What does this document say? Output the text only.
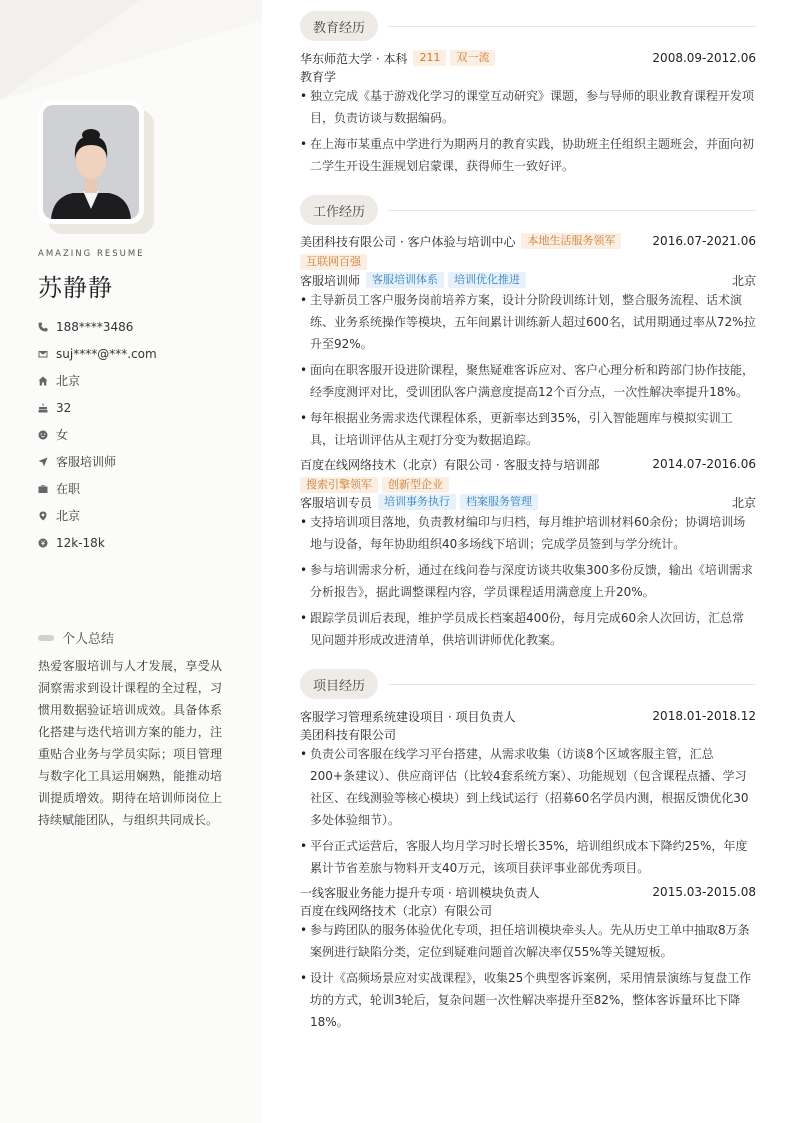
AMAZING RESUME
苏静静
188****3486
suj****@***.com
北京
32
女
客服培训师
在职
北京
12k-18k
个人总结
热爱客服培训与人才发展，享受从洞察需求到设计课程的全过程，习惯用数据验证培训成效。具备体系化搭建与迭代培训方案的能力，注重贴合业务与学员实际；项目管理与数字化工具运用娴熟，能推动培训提质增效。期待在培训师岗位上持续赋能团队，与组织共同成长。
教育经历
华东师范大学 · 本科	211	双一流	2008.09-2012.06
教育学
• 独立完成《基于游戏化学习的课堂互动研究》课题，参与导师的职业教育课程开发项目，负责访谈与数据编码。
• 在上海市某重点中学进行为期两月的教育实践，协助班主任组织主题班会，并面向初二学生开设生涯规划启蒙课，获得师生一致好评。
工作经历
美团科技有限公司 · 客户体验与培训中心	本地生活服务领军	2016.07-2021.06
互联网百强
客服培训师	客服培训体系	培训优化推进	北京
• 主导新员工客户服务岗前培养方案，设计分阶段训练计划，整合服务流程、话术演练、业务系统操作等模块，五年间累计训练新人超过600名，试用期通过率从72%拉升至92%。
• 面向在职客服开设进阶课程，聚焦疑难客诉应对、客户心理分析和跨部门协作技能，经季度测评对比，受训团队客户满意度提高12个百分点，一次性解决率提升18%。
• 每年根据业务需求迭代课程体系，更新率达到35%，引入智能题库与模拟实训工具，让培训评估从主观打分变为数据追踪。
百度在线网络技术（北京）有限公司 · 客服支持与培训部	2014.07-2016.06
搜索引擎领军	创新型企业
客服培训专员	培训事务执行	档案服务管理	北京
• 支持培训项目落地，负责教材编印与归档，每月维护培训材料60余份；协调培训场地与设备，每年协助组织40多场线下培训；完成学员签到与学分统计。
• 参与培训需求分析，通过在线问卷与深度访谈共收集300多份反馈，输出《培训需求分析报告》，据此调整课程内容，学员课程适用满意度上升20%。
• 跟踪学员训后表现，维护学员成长档案超400份，每月完成60余人次回访，汇总常见问题并形成改进清单，供培训讲师优化教案。
项目经历
客服学习管理系统建设项目 · 项目负责人	2018.01-2018.12
美团科技有限公司
• 负责公司客服在线学习平台搭建，从需求收集（访谈8个区域客服主管，汇总200+条建议）、供应商评估（比较4套系统方案）、功能规划（包含课程点播、学习社区、在线测验等核心模块）到上线试运行（招募60名学员内测，根据反馈优化30多处体验细节）。
• 平台正式运营后，客服人均月学习时长增长35%，培训组织成本下降约25%，年度累计节省差旅与物料开支40万元，该项目获评事业部优秀项目。
一线客服业务能力提升专项 · 培训模块负责人	2015.03-2015.08
百度在线网络技术（北京）有限公司
• 参与跨团队的服务体验优化专项，担任培训模块牵头人。先从历史工单中抽取8万条案例进行缺陷分类，定位到疑难问题首次解决率仅55%等关键短板。
• 设计《高频场景应对实战课程》，收集25个典型客诉案例，采用情景演练与复盘工作坊的方式，轮训3轮后，复杂问题一次性解决率提升至82%，整体客诉量环比下降18%。
